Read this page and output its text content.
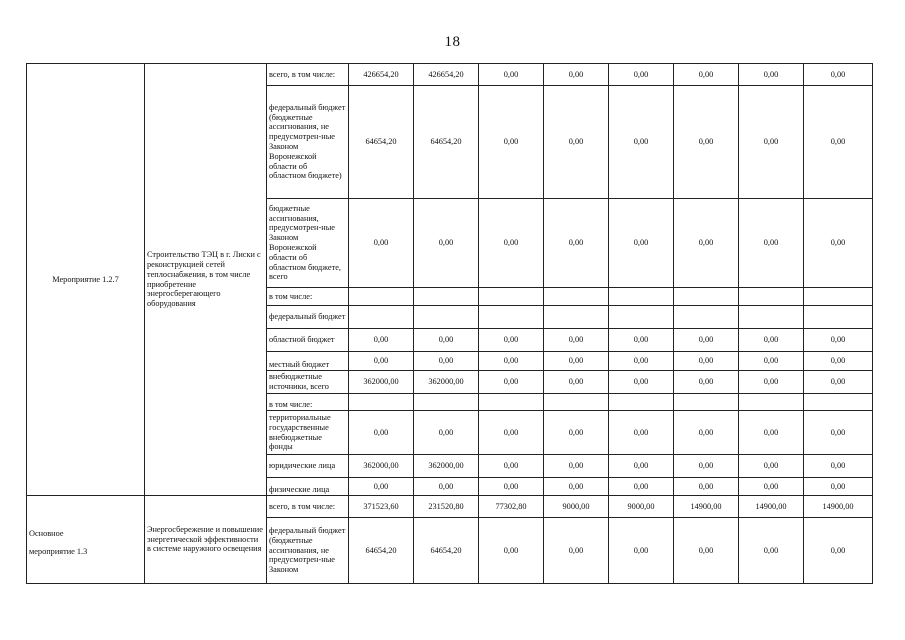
18
Мероприятие 1.2.7	Строительство ТЭЦ в г. Лиски с реконструкцией сетей теплоснабжения, в том числе приобретение энергосберегающего оборудования	всего, в том числе:	426654,20	426654,20	0,00	0,00	0,00	0,00	0,00	0,00
		федеральный бюджет (бюджетные ассигнования, не предусмотрен-ные Законом Воронежской области об областном бюджете)	64654,20	64654,20	0,00	0,00	0,00	0,00	0,00	0,00
		бюджетные ассигнования, предусмотрен-ные Законом Воронежской области об областном бюджете, всего	0,00	0,00	0,00	0,00	0,00	0,00	0,00	0,00
		в том числе:								
		федеральный бюджет								
		областной бюджет	0,00	0,00	0,00	0,00	0,00	0,00	0,00	0,00
		местный бюджет	0,00	0,00	0,00	0,00	0,00	0,00	0,00	0,00
		внебюджетные источники, всего	362000,00	362000,00	0,00	0,00	0,00	0,00	0,00	0,00
		в том числе:								
		территориальные государственные внебюджетные фонды	0,00	0,00	0,00	0,00	0,00	0,00	0,00	0,00
		юридические лица	362000,00	362000,00	0,00	0,00	0,00	0,00	0,00	0,00
		физические лица	0,00	0,00	0,00	0,00	0,00	0,00	0,00	0,00

Основное
мероприятие 1.3	Энергосбережение и повышение энергетической эффективности в системе наружного освещения	всего, в том числе:	371523,60	231520,80	77302,80	9000,00	9000,00	14900,00	14900,00	14900,00
		федеральный бюджет (бюджетные ассигнования, не предусмотрен-ные Законом	64654,20	64654,20	0,00	0,00	0,00	0,00	0,00	0,00
